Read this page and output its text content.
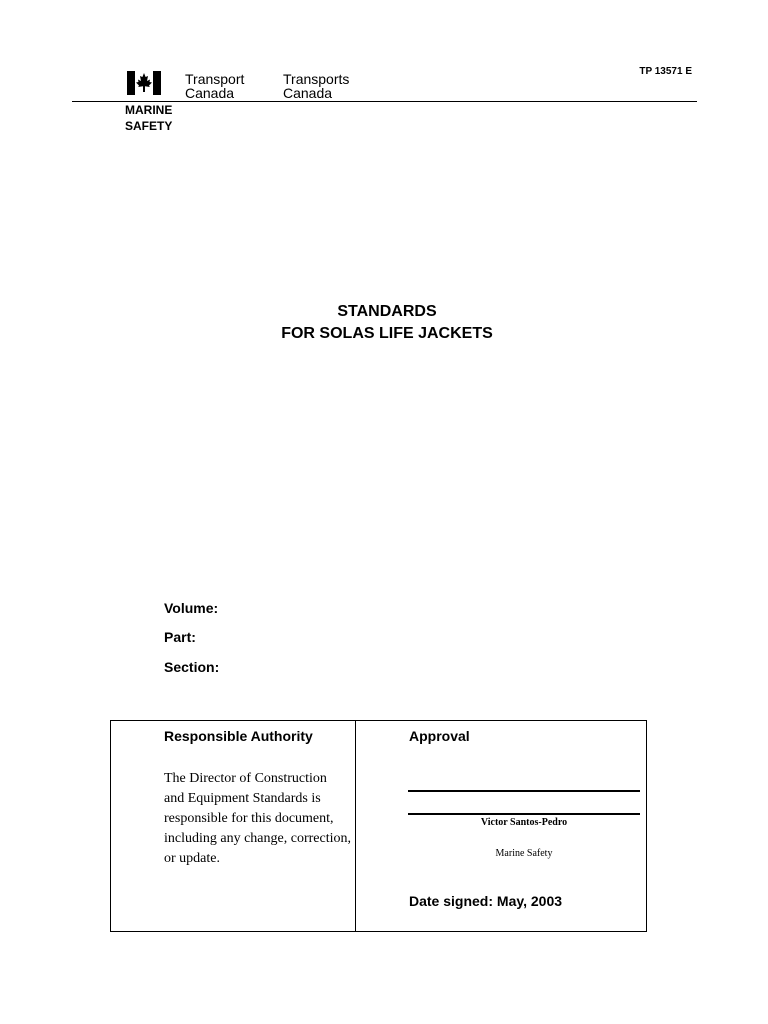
Transport
Canada
Transports
Canada
TP 13571 E
MARINE
SAFETY
STANDARDS
FOR SOLAS LIFE JACKETS
Volume:
Part:
Section:
Responsible Authority
The Director of Construction
and Equipment Standards is
responsible for this document,
including any change, correction,
or update.
Approval
Victor Santos-Pedro
Marine Safety
Date signed: May, 2003
